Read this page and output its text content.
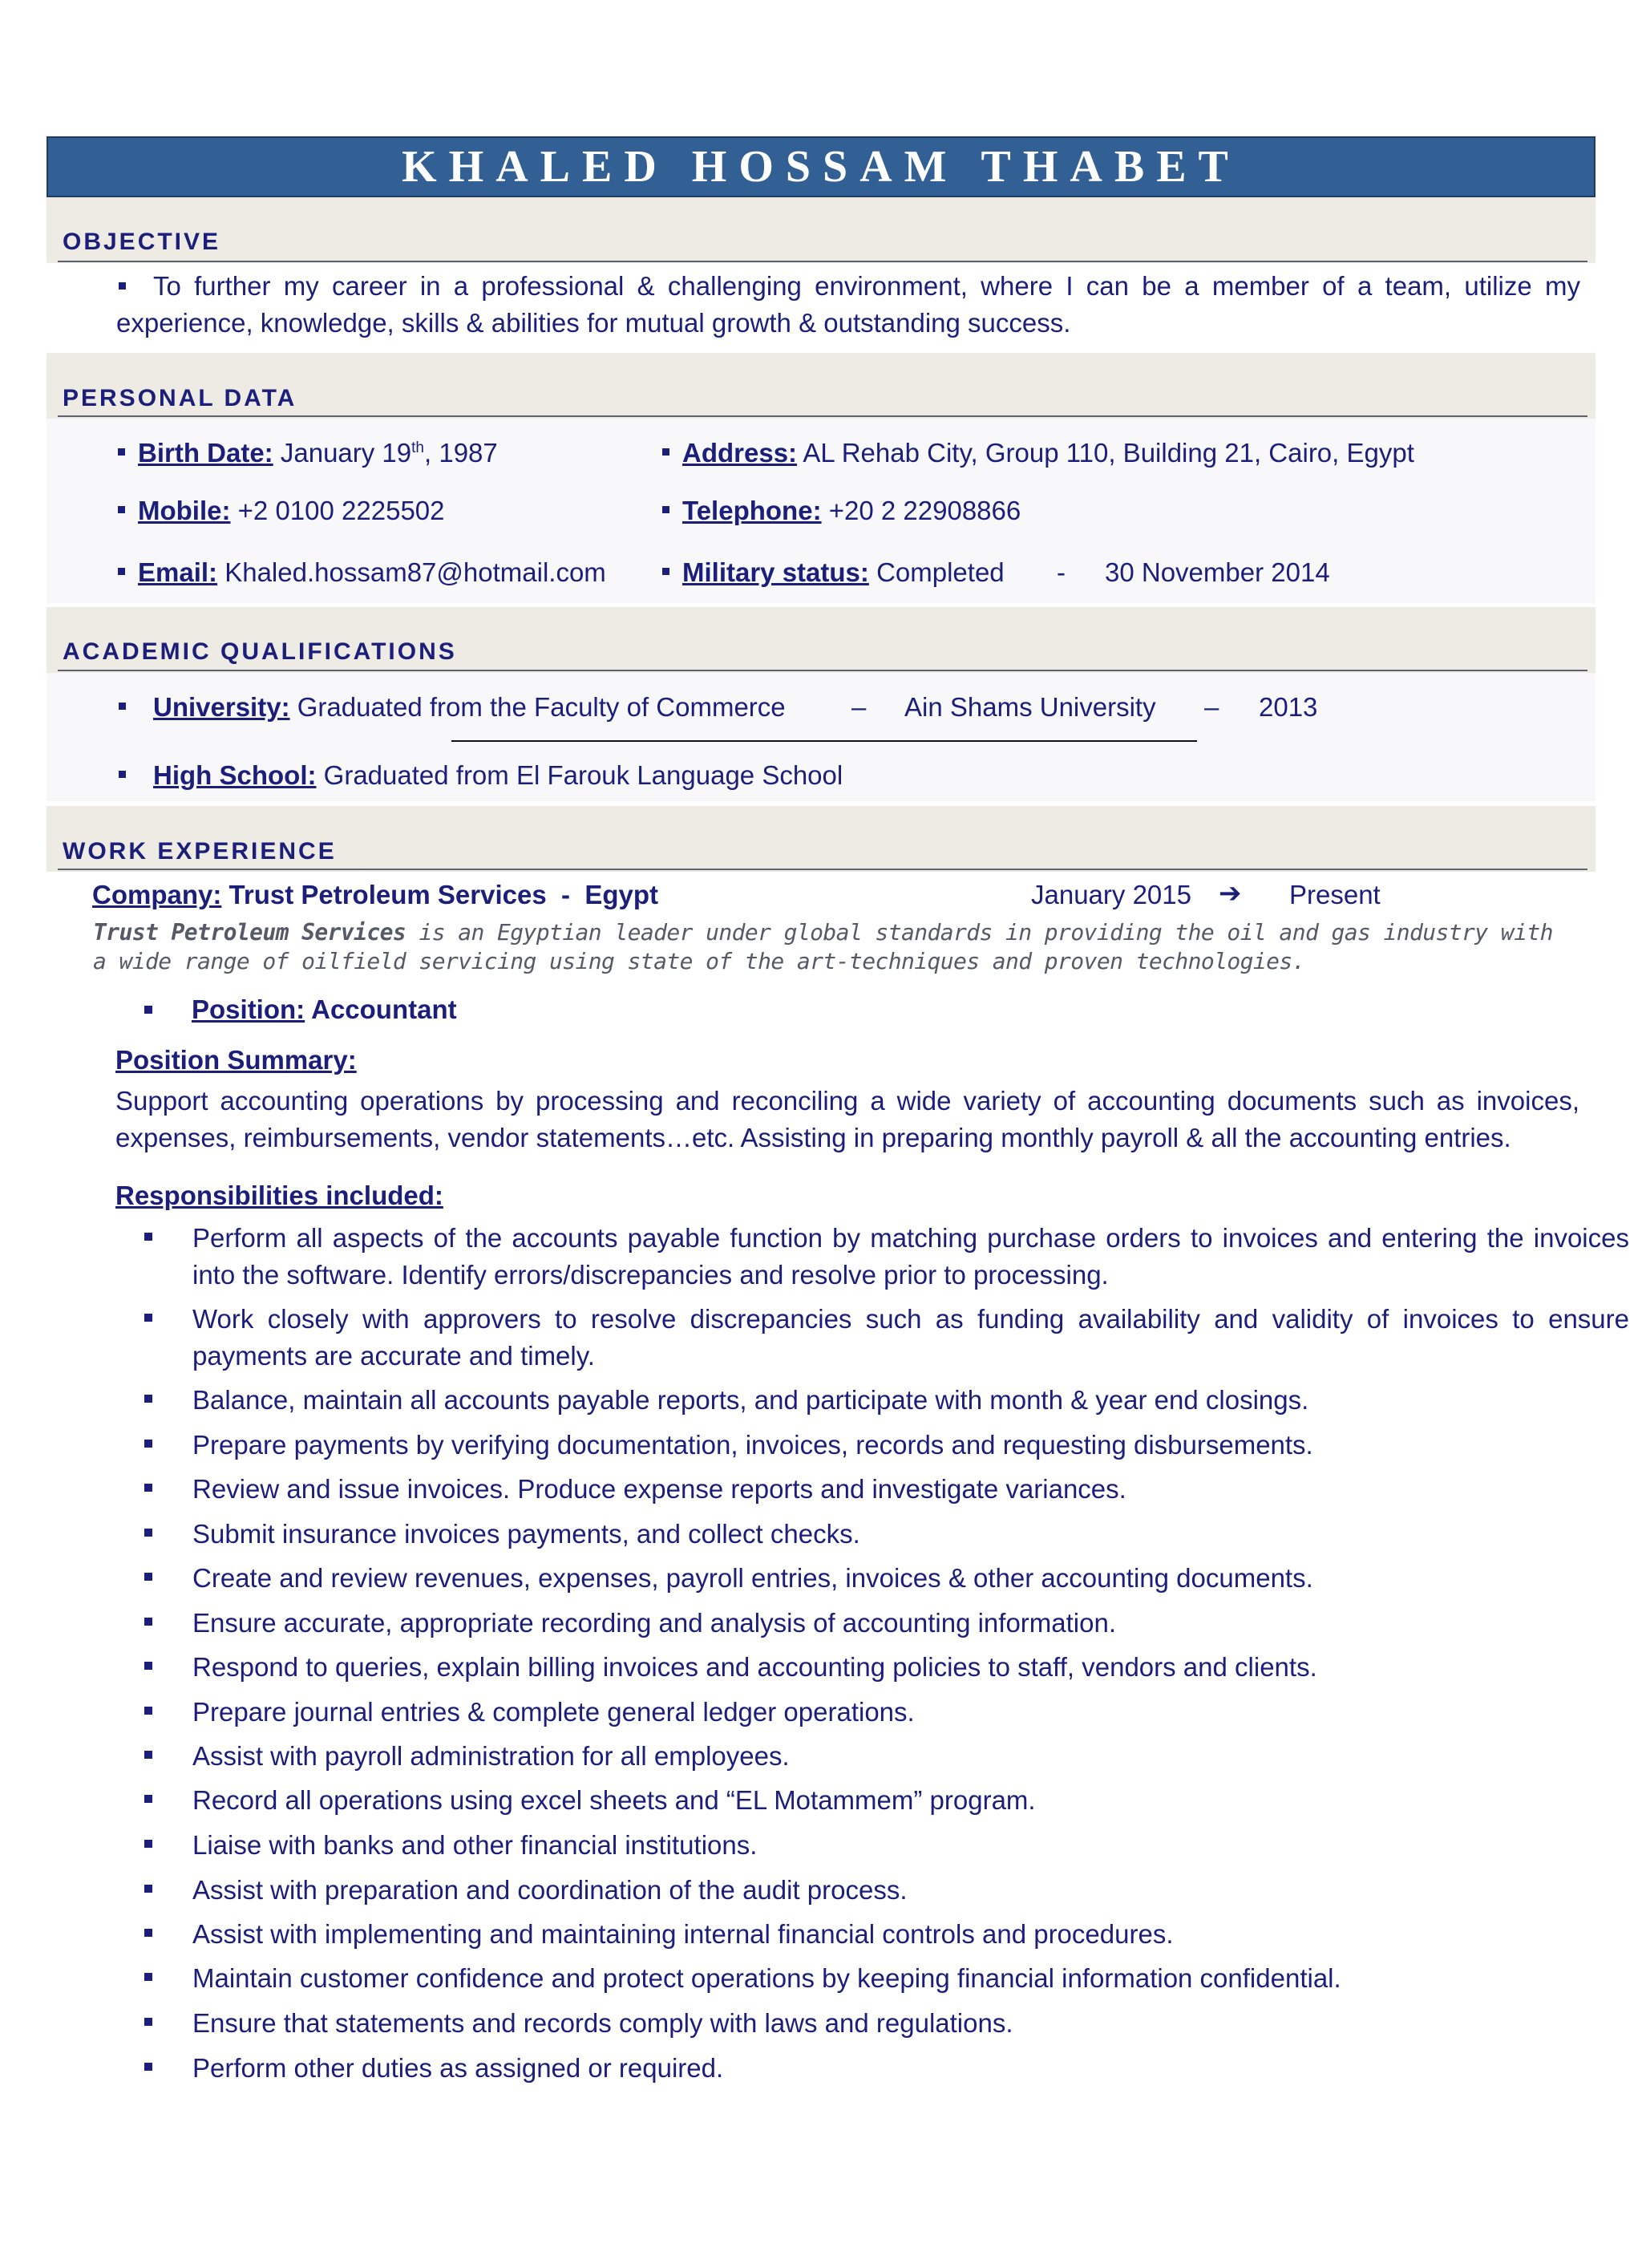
KHALED HOSSAM THABET
OBJECTIVE
To further my career in a professional & challenging environment, where I can be a member of a team, utilize my experience, knowledge, skills & abilities for mutual growth & outstanding success.
PERSONAL DATA
Birth Date: January 19th, 1987	Address: AL Rehab City, Group 110, Building 21, Cairo, Egypt
Mobile: +2 0100 2225502	Telephone: +20 2 22908866
Email: Khaled.hossam87@hotmail.com	Military status: Completed - 30 November 2014
ACADEMIC QUALIFICATIONS
University: Graduated from the Faculty of Commerce – Ain Shams University – 2013
High School: Graduated from El Farouk Language School
WORK EXPERIENCE
Company: Trust Petroleum Services  -  Egypt	January 2015 ➔ Present
Trust Petroleum Services is an Egyptian leader under global standards in providing the oil and gas industry with a wide range of oilfield servicing using state of the art-techniques and proven technologies.
Position: Accountant
Position Summary:
Support accounting operations by processing and reconciling a wide variety of accounting documents such as invoices, expenses, reimbursements, vendor statements…etc. Assisting in preparing monthly payroll & all the accounting entries.
Responsibilities included:
Perform all aspects of the accounts payable function by matching purchase orders to invoices and entering the invoices into the software. Identify errors/discrepancies and resolve prior to processing.
Work closely with approvers to resolve discrepancies such as funding availability and validity of invoices to ensure payments are accurate and timely.
Balance, maintain all accounts payable reports, and participate with month & year end closings.
Prepare payments by verifying documentation, invoices, records and requesting disbursements.
Review and issue invoices. Produce expense reports and investigate variances.
Submit insurance invoices payments, and collect checks.
Create and review revenues, expenses, payroll entries, invoices & other accounting documents.
Ensure accurate, appropriate recording and analysis of accounting information.
Respond to queries, explain billing invoices and accounting policies to staff, vendors and clients.
Prepare journal entries & complete general ledger operations.
Assist with payroll administration for all employees.
Record all operations using excel sheets and “EL Motammem” program.
Liaise with banks and other financial institutions.
Assist with preparation and coordination of the audit process.
Assist with implementing and maintaining internal financial controls and procedures.
Maintain customer confidence and protect operations by keeping financial information confidential.
Ensure that statements and records comply with laws and regulations.
Perform other duties as assigned or required.
